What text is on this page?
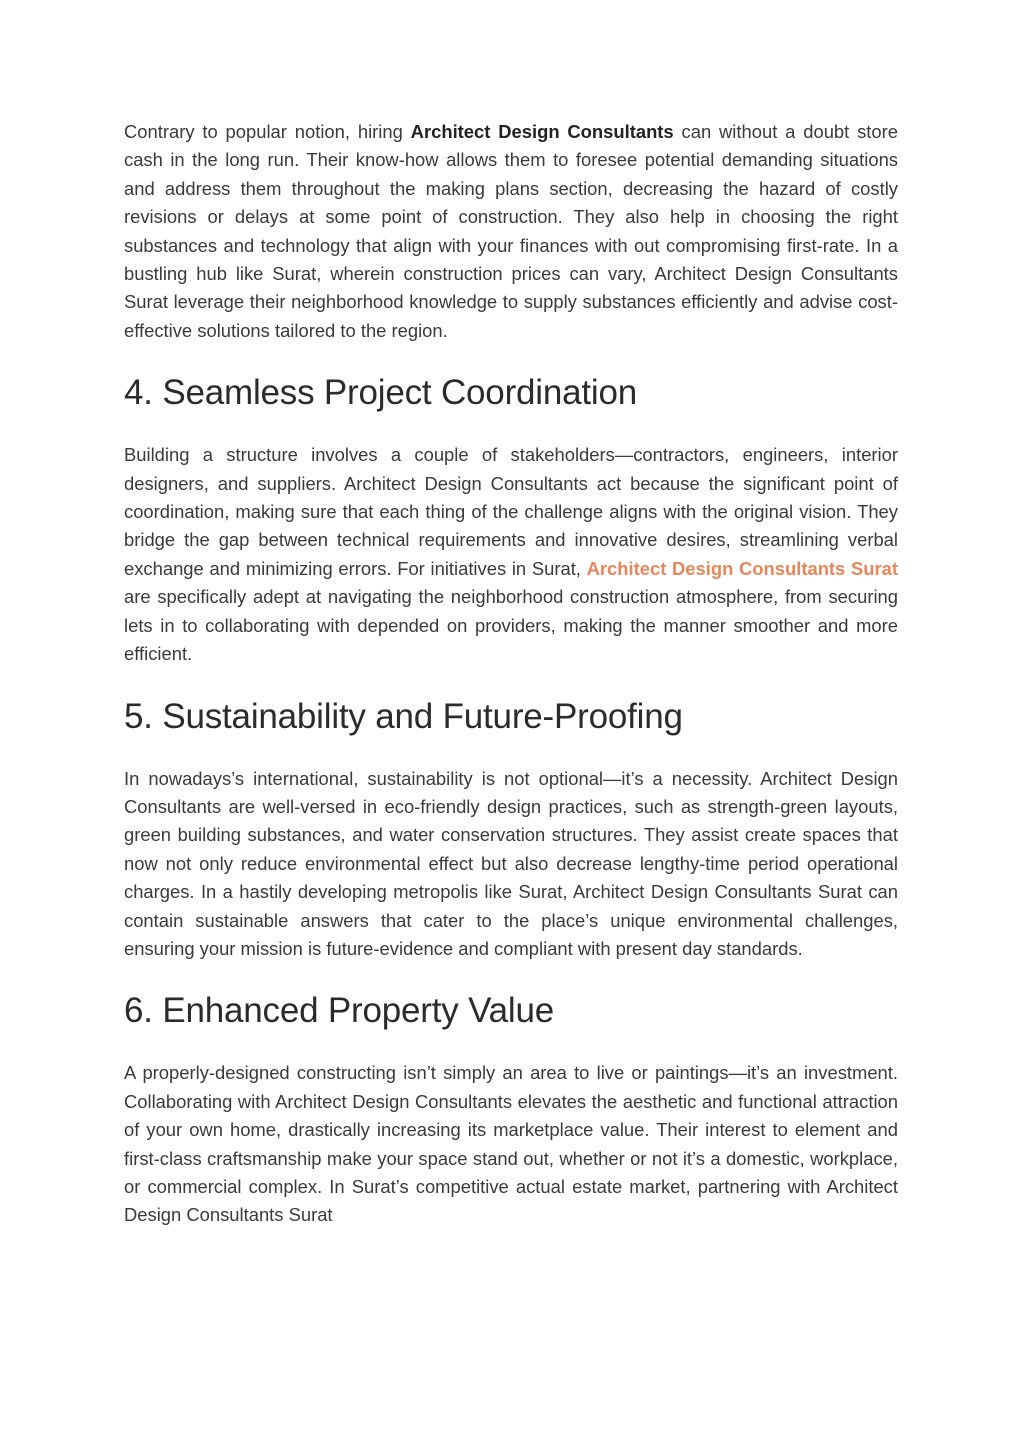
Contrary to popular notion, hiring Architect Design Consultants can without a doubt store cash in the long run. Their know-how allows them to foresee potential demanding situations and address them throughout the making plans section, decreasing the hazard of costly revisions or delays at some point of construction. They also help in choosing the right substances and technology that align with your finances with out compromising first-rate. In a bustling hub like Surat, wherein construction prices can vary, Architect Design Consultants Surat leverage their neighborhood knowledge to supply substances efficiently and advise cost-effective solutions tailored to the region.

4. Seamless Project Coordination

Building a structure involves a couple of stakeholders—contractors, engineers, interior designers, and suppliers. Architect Design Consultants act because the significant point of coordination, making sure that each thing of the challenge aligns with the original vision. They bridge the gap between technical requirements and innovative desires, streamlining verbal exchange and minimizing errors. For initiatives in Surat, Architect Design Consultants Surat are specifically adept at navigating the neighborhood construction atmosphere, from securing lets in to collaborating with depended on providers, making the manner smoother and more efficient.

5. Sustainability and Future-Proofing

In nowadays’s international, sustainability is not optional—it’s a necessity. Architect Design Consultants are well-versed in eco-friendly design practices, such as strength-green layouts, green building substances, and water conservation structures. They assist create spaces that now not only reduce environmental effect but also decrease lengthy-time period operational charges. In a hastily developing metropolis like Surat, Architect Design Consultants Surat can contain sustainable answers that cater to the place’s unique environmental challenges, ensuring your mission is future-evidence and compliant with present day standards.

6. Enhanced Property Value

A properly-designed constructing isn’t simply an area to live or paintings—it’s an investment. Collaborating with Architect Design Consultants elevates the aesthetic and functional attraction of your own home, drastically increasing its marketplace value. Their interest to element and first-class craftsmanship make your space stand out, whether or not it’s a domestic, workplace, or commercial complex. In Surat’s competitive actual estate market, partnering with Architect Design Consultants Surat
